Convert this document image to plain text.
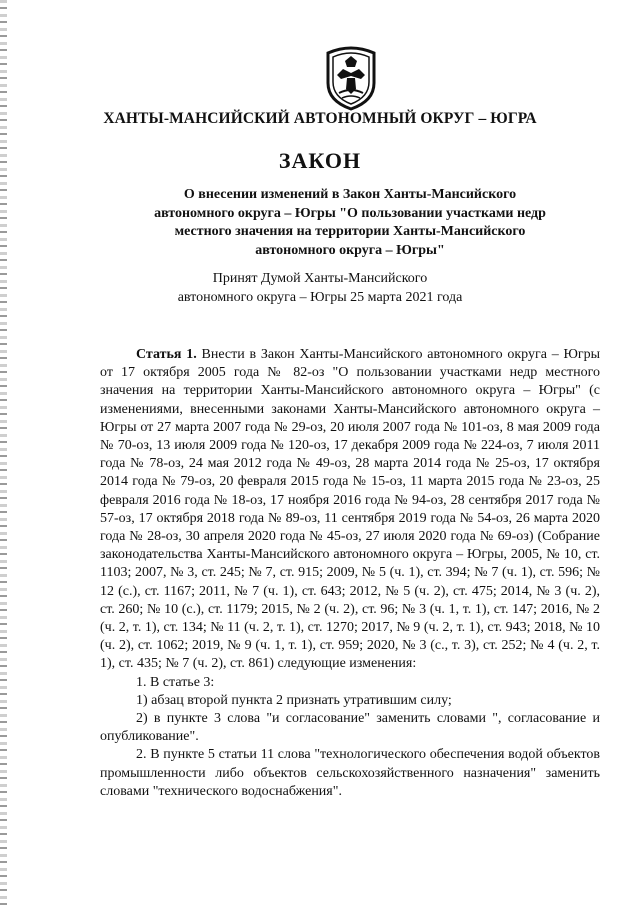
ХАНТЫ-МАНСИЙСКИЙ АВТОНОМНЫЙ ОКРУГ – ЮГРА
ЗАКОН
О внесении изменений в Закон Ханты-Мансийского
автономного округа – Югры "О пользовании участками недр
местного значения на территории Ханты-Мансийского
автономного округа – Югры"
Принят Думой Ханты-Мансийского
автономного округа – Югры 25 марта 2021 года

Статья 1. Внести в Закон Ханты-Мансийского автономного округа – Югры от 17 октября 2005 года № 82-оз "О пользовании участками недр местного значения на территории Ханты-Мансийского автономного округа – Югры" (с изменениями, внесенными законами Ханты-Мансийского автономного округа – Югры от 27 марта 2007 года № 29-оз, 20 июля 2007 года № 101-оз, 8 мая 2009 года № 70-оз, 13 июля 2009 года № 120-оз, 17 декабря 2009 года № 224-оз, 7 июля 2011 года № 78-оз, 24 мая 2012 года № 49-оз, 28 марта 2014 года № 25-оз, 17 октября 2014 года № 79-оз, 20 февраля 2015 года № 15-оз, 11 марта 2015 года № 23-оз, 25 февраля 2016 года № 18-оз, 17 ноября 2016 года № 94-оз, 28 сентября 2017 года № 57-оз, 17 октября 2018 года № 89-оз, 11 сентября 2019 года № 54-оз, 26 марта 2020 года № 28-оз, 30 апреля 2020 года № 45-оз, 27 июля 2020 года № 69-оз) (Собрание законодательства Ханты-Мансийского автономного округа – Югры, 2005, № 10, ст. 1103; 2007, № 3, ст. 245; № 7, ст. 915; 2009, № 5 (ч. 1), ст. 394; № 7 (ч. 1), ст. 596; № 12 (с.), ст. 1167; 2011, № 7 (ч. 1), ст. 643; 2012, № 5 (ч. 2), ст. 475; 2014, № 3 (ч. 2), ст. 260; № 10 (с.), ст. 1179; 2015, № 2 (ч. 2), ст. 96; № 3 (ч. 1, т. 1), ст. 147; 2016, № 2 (ч. 2, т. 1), ст. 134; № 11 (ч. 2, т. 1), ст. 1270; 2017, № 9 (ч. 2, т. 1), ст. 943; 2018, № 10 (ч. 2), ст. 1062; 2019, № 9 (ч. 1, т. 1), ст. 959; 2020, № 3 (с., т. 3), ст. 252; № 4 (ч. 2, т. 1), ст. 435; № 7 (ч. 2), ст. 861) следующие изменения:

1. В статье 3:

1) абзац второй пункта 2 признать утратившим силу;

2) в пункте 3 слова "и согласование" заменить словами ", согласование и опубликование".

2. В пункте 5 статьи 11 слова "технологического обеспечения водой объектов промышленности либо объектов сельскохозяйственного назначения" заменить словами "технического водоснабжения".
